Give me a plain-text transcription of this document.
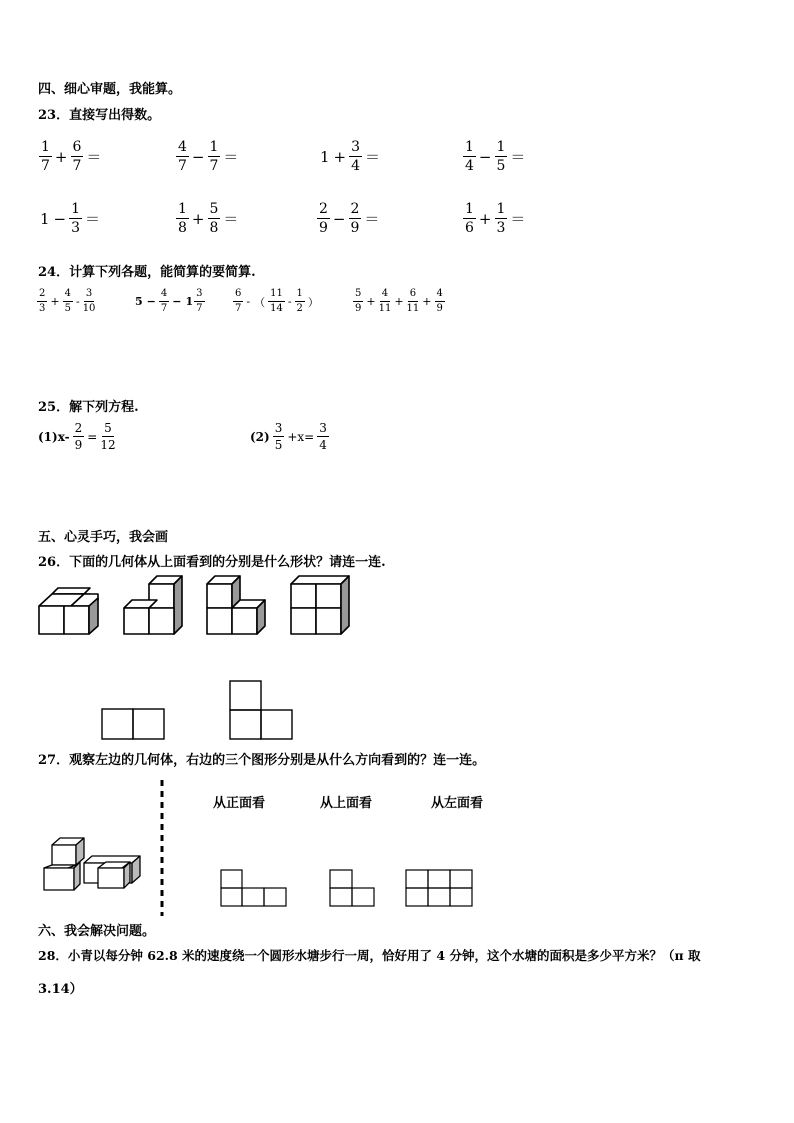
四、细心审题，我能算。
23．直接写出得数。
$\frac{1}{7} + \frac{6}{7}$ ＝	$\frac{4}{7} - \frac{1}{7}$ ＝	$1 + \frac{3}{4}$ ＝	$\frac{1}{4} - \frac{1}{5}$ ＝
$1 - \frac{1}{3}$ ＝	$\frac{1}{8} + \frac{5}{8}$ ＝	$\frac{2}{9} - \frac{2}{9}$ ＝	$\frac{1}{6} + \frac{1}{3}$ ＝
24．计算下列各题，能简算的要简算.
$\frac{2}{3} + \frac{4}{5} - \frac{3}{10}$	$5 - \frac{4}{7} - 1 \frac{3}{7}$	$\frac{6}{7}$ - （ $\frac{11}{14} - \frac{1}{2}$ ）	$\frac{5}{9} + \frac{4}{11} + \frac{6}{11} + \frac{4}{9}$
25．解下列方程.
$(1)x- \frac{2}{9} = \frac{5}{12}$	$(2) \frac{3}{5} +x= \frac{3}{4}$
五、心灵手巧，我会画
26．下面的几何体从上面看到的分别是什么形状？请连一连.
27．观察左边的几何体，右边的三个图形分别是从什么方向看到的？连一连。
从正面看	从上面看	从左面看
六、我会解决问题。
28．小青以每分钟 62.8 米的速度绕一个圆形水塘步行一周，恰好用了 4 分钟，这个水塘的面积是多少平方米？（π 取
3.14）
